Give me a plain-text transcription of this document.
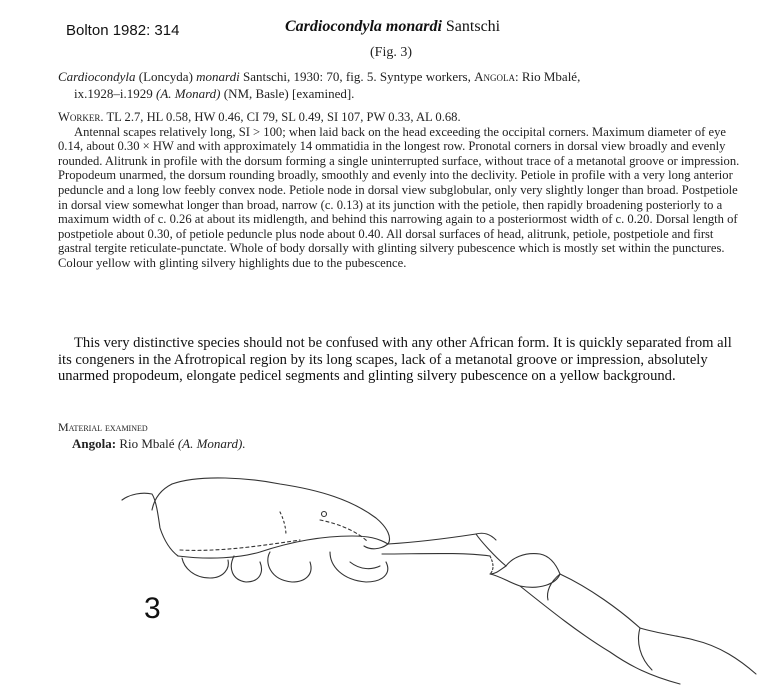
Bolton 1982: 314	Cardiocondyla monardi Santschi
(Fig. 3)
Cardiocondyla (Loncyda) monardi Santschi, 1930: 70, fig. 5. Syntype workers, Angola: Rio Mbalé,
ix.1928–i.1929 (A. Monard) (NM, Basle) [examined].

Worker. TL 2.7, HL 0.58, HW 0.46, CI 79, SL 0.49, SI 107, PW 0.33, AL 0.68.

Antennal scapes relatively long, SI > 100; when laid back on the head exceeding the occipital corners. Maximum diameter of eye 0.14, about 0.30 × HW and with approximately 14 ommatidia in the longest row. Pronotal corners in dorsal view broadly and evenly rounded. Alitrunk in profile with the dorsum forming a single uninterrupted surface, without trace of a metanotal groove or impression. Propodeum unarmed, the dorsum rounding broadly, smoothly and evenly into the declivity. Petiole in profile with a very long anterior peduncle and a long low feebly convex node. Petiole node in dorsal view subglobular, only very slightly longer than broad. Postpetiole in dorsal view somewhat longer than broad, narrow (c. 0.13) at its junction with the petiole, then rapidly broadening posteriorly to a maximum width of c. 0.26 at about its midlength, and behind this narrowing again to a posteriormost width of c. 0.20. Dorsal length of postpetiole about 0.30, of petiole peduncle plus node about 0.40. All dorsal surfaces of head, alitrunk, petiole, postpetiole and first gastral tergite reticulate-punctate. Whole of body dorsally with glinting silvery pubescence which is mostly set within the punctures. Colour yellow with glinting silvery highlights due to the pubescence.

This very distinctive species should not be confused with any other African form. It is quickly separated from all its congeners in the Afrotropical region by its long scapes, lack of a metanotal groove or impression, absolutely unarmed propodeum, elongate pedicel segments and glinting silvery pubescence on a yellow background.
Material examined
Angola: Rio Mbalé (A. Monard).
3
